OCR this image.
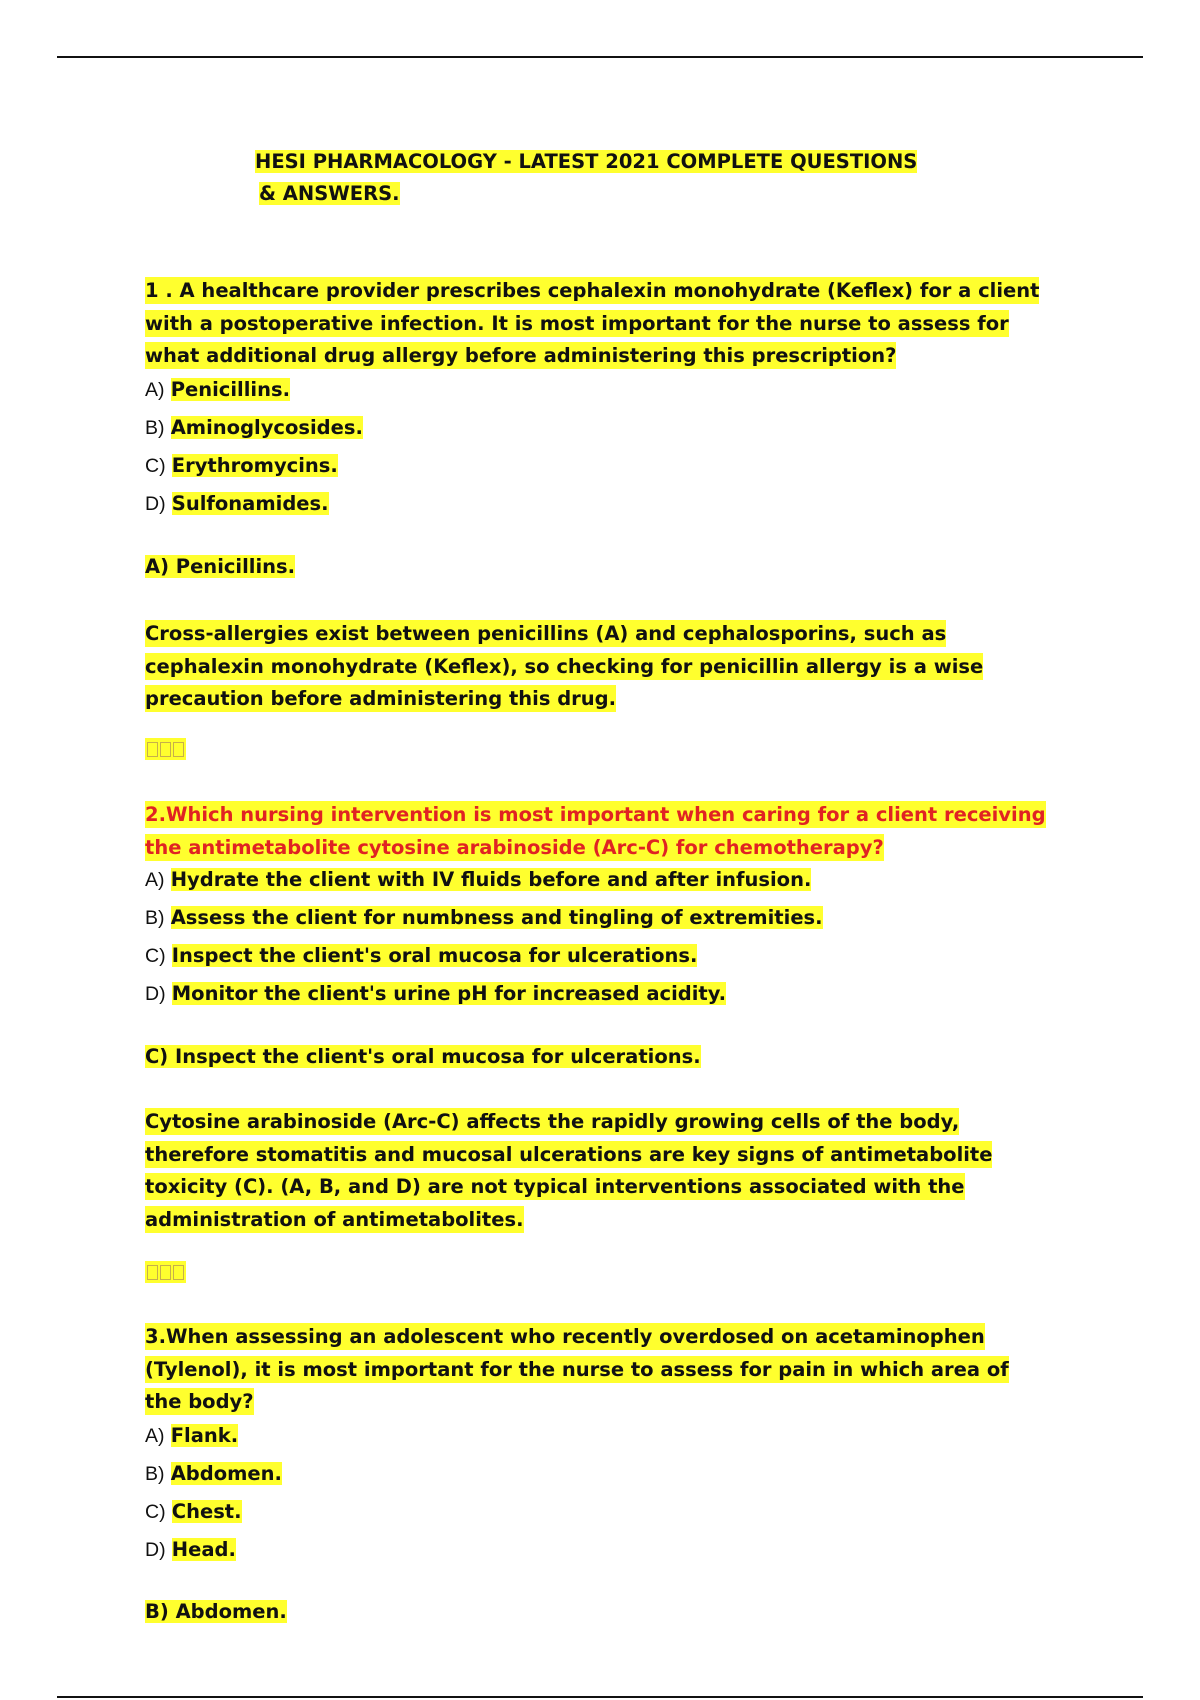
HESI PHARMACOLOGY - LATEST 2021 COMPLETE QUESTIONS
& ANSWERS.
1 . A healthcare provider prescribes cephalexin monohydrate (Keflex) for a client
with a postoperative infection. It is most important for the nurse to assess for
what additional drug allergy before administering this prescription?
A) Penicillins.
B) Aminoglycosides.
C) Erythromycins.
D) Sulfonamides.
A) Penicillins.
Cross-allergies exist between penicillins (A) and cephalosporins, such as
cephalexin monohydrate (Keflex), so checking for penicillin allergy is a wise
precaution before administering this drug.
2.Which nursing intervention is most important when caring for a client receiving
the antimetabolite cytosine arabinoside (Arc-C) for chemotherapy?
A) Hydrate the client with IV fluids before and after infusion.
B) Assess the client for numbness and tingling of extremities.
C) Inspect the client's oral mucosa for ulcerations.
D) Monitor the client's urine pH for increased acidity.
C) Inspect the client's oral mucosa for ulcerations.
Cytosine arabinoside (Arc-C) affects the rapidly growing cells of the body,
therefore stomatitis and mucosal ulcerations are key signs of antimetabolite
toxicity (C). (A, B, and D) are not typical interventions associated with the
administration of antimetabolites.
3.When assessing an adolescent who recently overdosed on acetaminophen
(Tylenol), it is most important for the nurse to assess for pain in which area of
the body?
A) Flank.
B) Abdomen.
C) Chest.
D) Head.
B) Abdomen.
